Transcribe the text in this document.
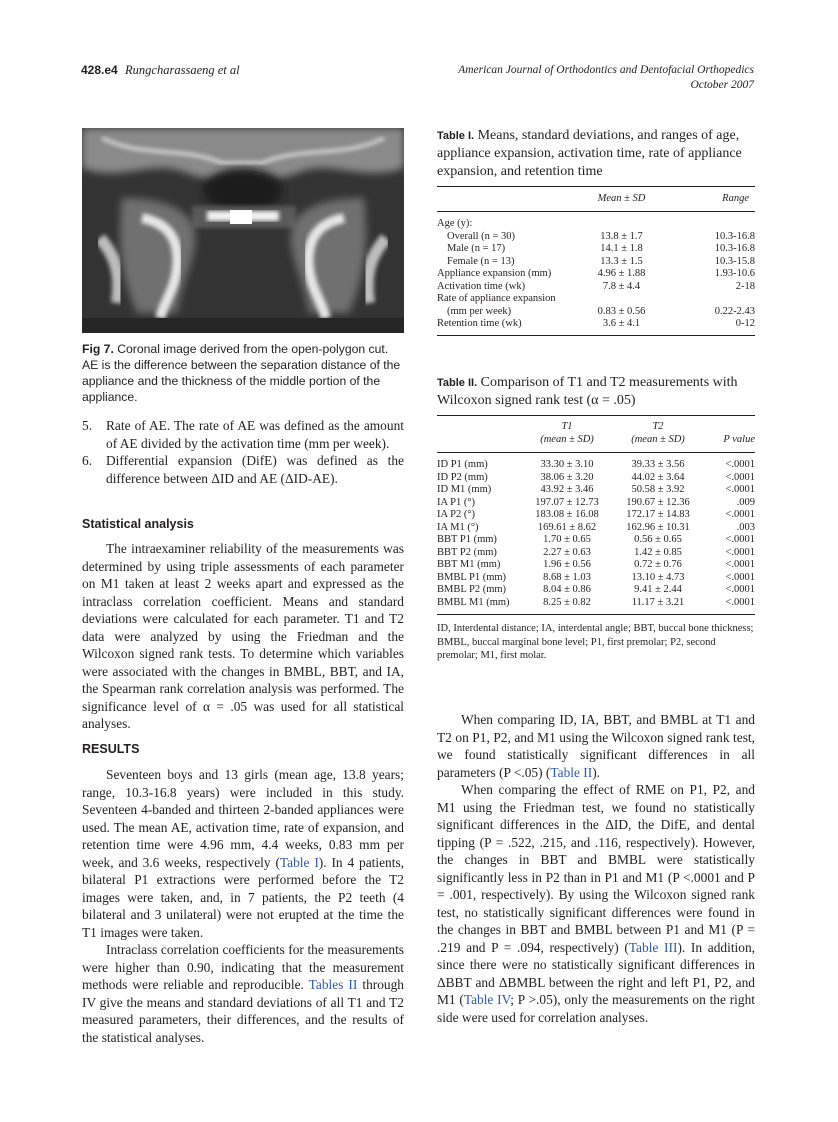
428.e4 Rungcharassaeng et al	American Journal of Orthodontics and Dentofacial Orthopedics
October 2007
Fig 7. Coronal image derived from the open-polygon cut. AE is the difference between the separation distance of the appliance and the thickness of the middle portion of the appliance.
5. Rate of AE. The rate of AE was defined as the amount of AE divided by the activation time (mm per week).
6. Differential expansion (DifE) was defined as the difference between ΔID and AE (ΔID-AE).
Statistical analysis

The intraexaminer reliability of the measurements was determined by using triple assessments of each parameter on M1 taken at least 2 weeks apart and expressed as the intraclass correlation coefficient. Means and standard deviations were calculated for each parameter. T1 and T2 data were analyzed by using the Friedman and the Wilcoxon signed rank tests. To determine which variables were associated with the changes in BMBL, BBT, and IA, the Spearman rank correlation analysis was performed. The significance level of α = .05 was used for all statistical analyses.

RESULTS

Seventeen boys and 13 girls (mean age, 13.8 years; range, 10.3-16.8 years) were included in this study. Seventeen 4-banded and thirteen 2-banded appliances were used. The mean AE, activation time, rate of expansion, and retention time were 4.96 mm, 4.4 weeks, 0.83 mm per week, and 3.6 weeks, respectively (Table I). In 4 patients, bilateral P1 extractions were performed before the T2 images were taken, and, in 7 patients, the P2 teeth (4 bilateral and 3 unilateral) were not erupted at the time the T1 images were taken.

Intraclass correlation coefficients for the measurements were higher than 0.90, indicating that the measurement methods were reliable and reproducible. Tables II through IV give the means and standard deviations of all T1 and T2 measured parameters, their differences, and the results of the statistical analyses.

Table I. Means, standard deviations, and ranges of age, appliance expansion, activation time, rate of appliance expansion, and retention time
	Mean ± SD	Range

Age (y):		
Overall (n = 30)	13.8 ± 1.7	10.3-16.8
Male (n = 17)	14.1 ± 1.8	10.3-16.8
Female (n = 13)	13.3 ± 1.5	10.3-15.8
Appliance expansion (mm)	4.96 ± 1.88	1.93-10.6
Activation time (wk)	7.8 ± 4.4	2-18
Rate of appliance expansion		
(mm per week)	0.83 ± 0.56	0.22-2.43
Retention time (wk)	3.6 ± 4.1	0-12
Table II. Comparison of T1 and T2 measurements with Wilcoxon signed rank test (α = .05)
	T1	T2	
	(mean ± SD)	(mean ± SD)	P value

ID P1 (mm)	33.30 ± 3.10	39.33 ± 3.56	<.0001
ID P2 (mm)	38.06 ± 3.20	44.02 ± 3.64	<.0001
ID M1 (mm)	43.92 ± 3.46	50.58 ± 3.92	<.0001
IA P1 (°)	197.07 ± 12.73	190.67 ± 12.36	.009
IA P2 (°)	183.08 ± 16.08	172.17 ± 14.83	<.0001
IA M1 (°)	169.61 ± 8.62	162.96 ± 10.31	.003
BBT P1 (mm)	1.70 ± 0.65	0.56 ± 0.65	<.0001
BBT P2 (mm)	2.27 ± 0.63	1.42 ± 0.85	<.0001
BBT M1 (mm)	1.96 ± 0.56	0.72 ± 0.76	<.0001
BMBL P1 (mm)	8.68 ± 1.03	13.10 ± 4.73	<.0001
BMBL P2 (mm)	8.04 ± 0.86	9.41 ± 2.44	<.0001
BMBL M1 (mm)	8.25 ± 0.82	11.17 ± 3.21	<.0001
ID, Interdental distance; IA, interdental angle; BBT, buccal bone thickness; BMBL, buccal marginal bone level; P1, first premolar; P2, second premolar; M1, first molar.

When comparing ID, IA, BBT, and BMBL at T1 and T2 on P1, P2, and M1 using the Wilcoxon signed rank test, we found statistically significant differences in all parameters (P <.05) (Table II).

When comparing the effect of RME on P1, P2, and M1 using the Friedman test, we found no statistically significant differences in the ΔID, the DifE, and dental tipping (P = .522, .215, and .116, respectively). However, the changes in BBT and BMBL were statistically significantly less in P2 than in P1 and M1 (P <.0001 and P = .001, respectively). By using the Wilcoxon signed rank test, no statistically significant differences were found in the changes in BBT and BMBL between P1 and M1 (P = .219 and P = .094, respectively) (Table III). In addition, since there were no statistically significant differences in ΔBBT and ΔBMBL between the right and left P1, P2, and M1 (Table IV; P >.05), only the measurements on the right side were used for correlation analyses.
